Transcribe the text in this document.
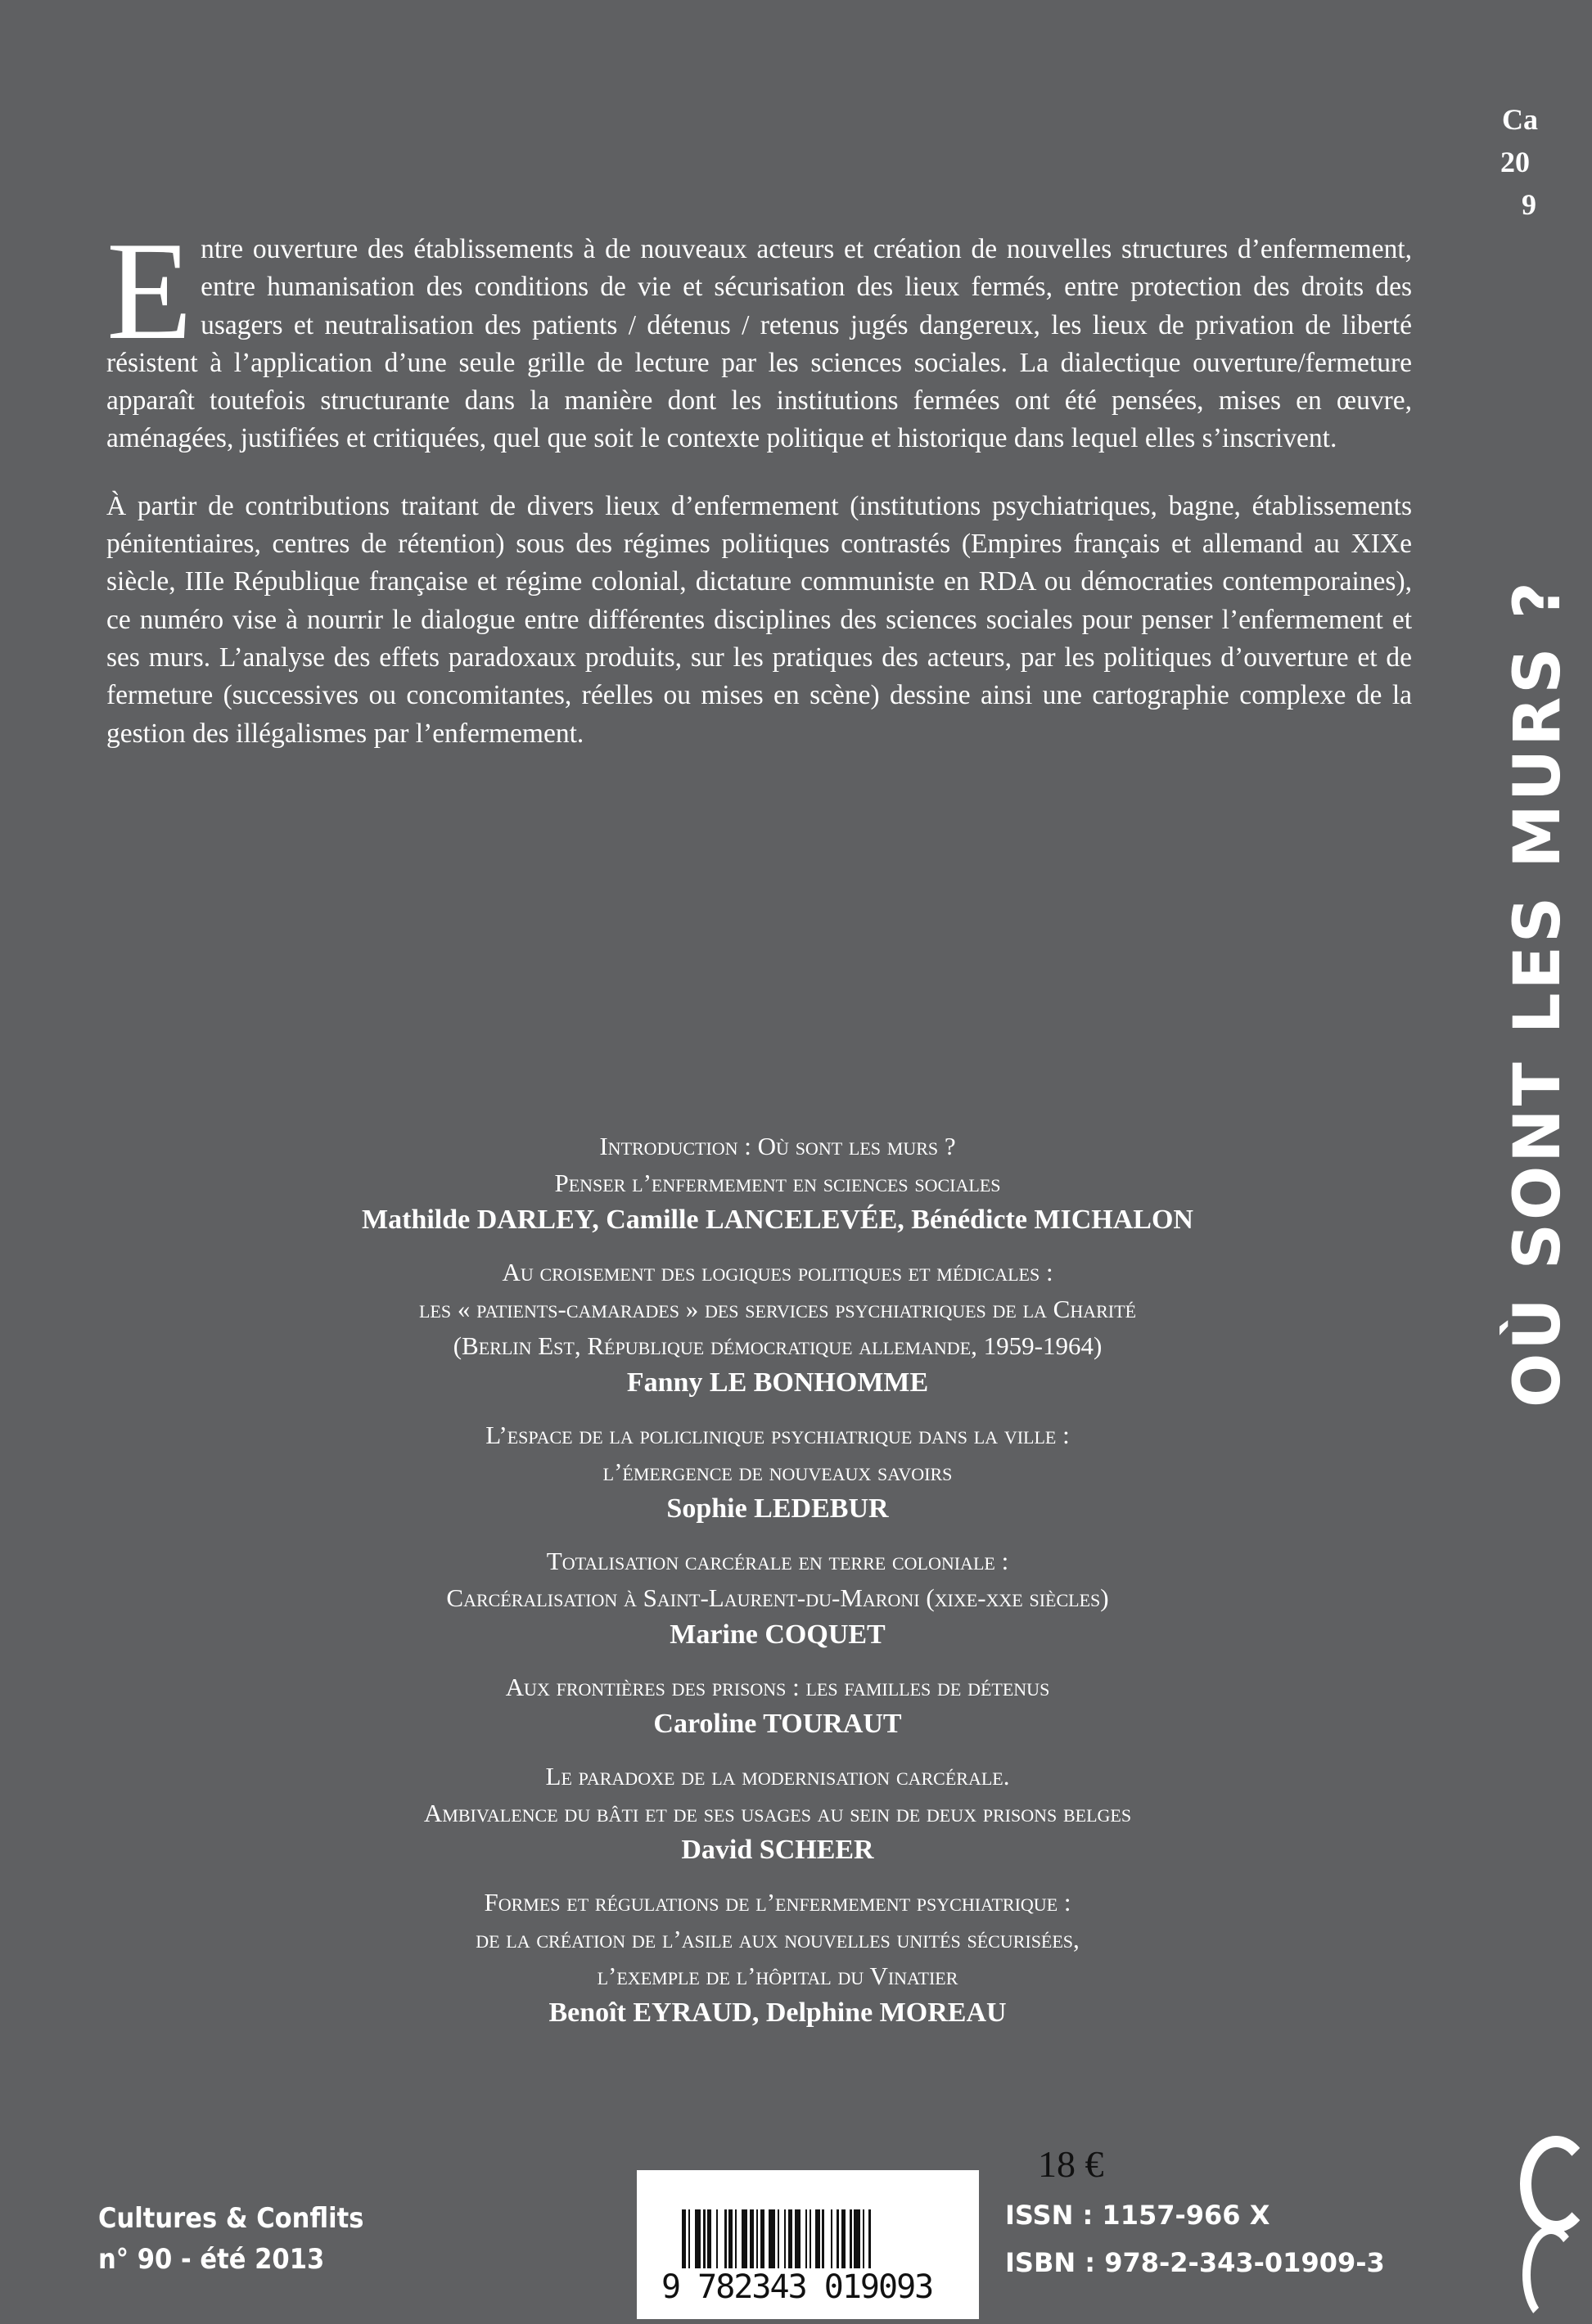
Ca
20
9
OÙ SONT LES MURS ?

Entre ouverture des établissements à de nouveaux acteurs et création de nouvelles structures d’enfermement, entre humanisation des conditions de vie et sécurisation des lieux fermés, entre protection des droits des usagers et neutralisation des patients / détenus / retenus jugés dangereux, les lieux de privation de liberté résistent à l’application d’une seule grille de lecture par les sciences sociales. La dialectique ouverture/fermeture apparaît toutefois structurante dans la manière dont les institutions fermées ont été pensées, mises en œuvre, aménagées, justifiées et critiquées, quel que soit le contexte politique et historique dans lequel elles s’inscrivent.

À partir de contributions traitant de divers lieux d’enfermement (institutions psychiatriques, bagne, établissements pénitentiaires, centres de rétention) sous des régimes politiques contrastés (Empires français et allemand au XIXe siècle, IIIe République française et régime colonial, dictature communiste en RDA ou démocraties contemporaines), ce numéro vise à nourrir le dialogue entre différentes disciplines des sciences sociales pour penser l’enfermement et ses murs. L’analyse des effets paradoxaux produits, sur les pratiques des acteurs, par les politiques d’ouverture et de fermeture (successives ou concomitantes, réelles ou mises en scène) dessine ainsi une cartographie complexe de la gestion des illégalismes par l’enfermement.

Introduction : Où sont les murs ?
Penser l’enfermement en sciences sociales
Mathilde DARLEY, Camille LANCELEVÉE, Bénédicte MICHALON
Au croisement des logiques politiques et médicales :
les « patients-camarades » des services psychiatriques de la Charité
(Berlin Est, République démocratique allemande, 1959-1964)
Fanny LE BONHOMME
L’espace de la policlinique psychiatrique dans la ville :
l’émergence de nouveaux savoirs
Sophie LEDEBUR
Totalisation carcérale en terre coloniale :
Carcéralisation à Saint-Laurent-du-Maroni (xixe-xxe siècles)
Marine COQUET
Aux frontières des prisons : les familles de détenus
Caroline TOURAUT
Le paradoxe de la modernisation carcérale.
Ambivalence du bâti et de ses usages au sein de deux prisons belges
David SCHEER
Formes et régulations de l’enfermement psychiatrique :
de la création de l’asile aux nouvelles unités sécurisées,
l’exemple de l’hôpital du Vinatier
Benoît EYRAUD, Delphine MOREAU
Cultures & Conflits
n° 90 - été 2013
9 782343 019093
18 €
ISSN : 1157-966 X
ISBN : 978-2-343-01909-3
